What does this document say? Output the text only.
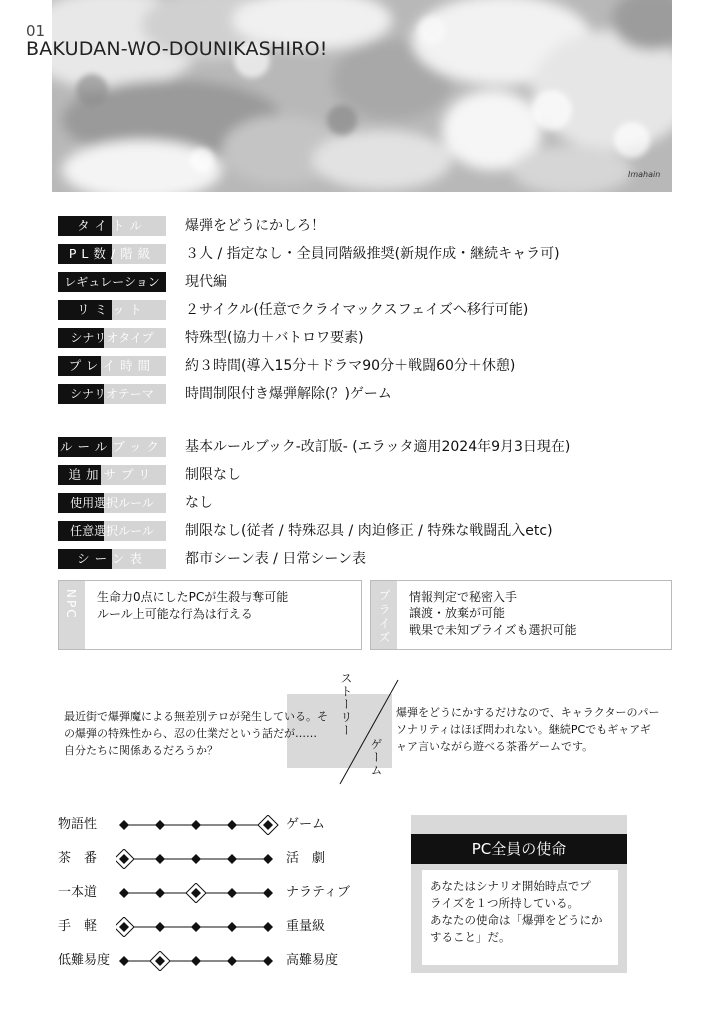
01
BAKUDAN-WO-DOUNIKASHIRO!
Imahain
タイトル	爆弾をどうにかしろ！
PL数/階級	３人 / 指定なし・全員同階級推奨(新規作成・継続キャラ可)
レギュレーション	現代編
リミット	２サイクル(任意でクライマックスフェイズへ移行可能)
シナリオタイプ	特殊型(協力＋バトロワ要素)
プレイ時間	約３時間(導入15分＋ドラマ90分＋戦闘60分＋休憩)
シナリオテーマ	時間制限付き爆弾解除(？)ゲーム
ルールブック 基本ルールブック-改訂版- (エラッタ適用2024年9月3日現在)
追加サプリ	制限なし
使用選択ルール	なし
任意選択ルール	制限なし(従者 / 特殊忍具 / 肉迫修正 / 特殊な戦闘乱入etc)
シーン表	都市シーン表 / 日常シーン表
NPC 生命力0点にしたPCが生殺与奪可能
ルール上可能な行為は行える	プライズ 情報判定で秘密入手
譲渡・放棄が可能
戦果で未知プライズも選択可能
ストーリー
ゲーム
最近街で爆弾魔による無差別テロが発生している。そ
の爆弾の特殊性から、忍の仕業だという話だが……
自分たちに関係あるだろうか？
爆弾をどうにかするだけなので、キャラクターのパー
ソナリティはほぼ問われない。継続PCでもギャアギ
ャア言いながら遊べる茶番ゲームです。
物語性	ゲーム
茶　番	活　劇
一本道	ナラティブ
手　軽	重量級
低難易度	高難易度
PC全員の使命
あなたはシナリオ開始時点でプ
ライズを１つ所持している。
あなたの使命は「爆弾をどうにか
すること」だ。
